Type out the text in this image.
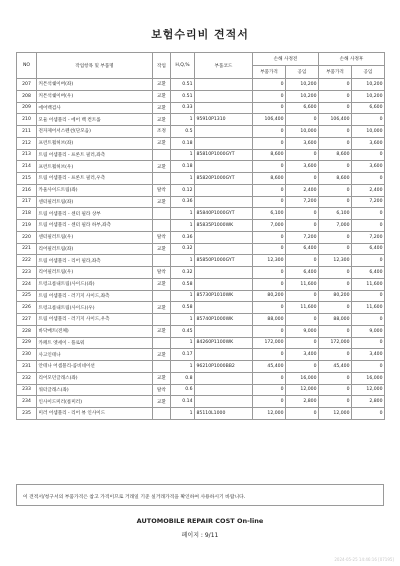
보험수리비 견적서
NO	작업항목 및 부품명	작업	H,Q,%	부품코드	손해 사정전		손해 사정후	
					부품가격	공임	부품가격	공임
207	커튼석쉐이버(좌)	교환	0.51		0	10,200	0	10,200
208	커튼석쉐이버(우)	교환	0.51		0	10,200	0	10,200
209	에어백검사	교환	0.33		0	6,600	0	6,600
210	모듈 어셈블리 - 에어 백 컨트롤	교환	1	95910P1310	106,400	0	106,400	0
211	전자제어서스펜션(단모음)	조정	0.5		0	10,000	0	10,000
212	프런트휠허브(좌)	교환	0.18		0	3,600	0	3,600
213	트림 어셈블리 - 프론트 필러,좌측		1	85810P1000GYT	8,600	0	8,600	0
214	프런트휠허브(우)	교환	0.18		0	3,600	0	3,600
215	트림 어셈블리 - 프론트 필러,우측		1	85820P1000GYT	8,600	0	8,600	0
216	카울사이드트림(좌)	탈착	0.12		0	2,400	0	2,400
217	센터필러트림(좌)	교환	0.36		0	7,200	0	7,200
218	트림 어셈블리 - 센터 필라 상부		1	85840P1000GYT	6,100	0	6,100	0
219	트림 어셈블리 - 센터 필라 하부,좌측		1	85835P1000WK	7,000	0	7,000	0
220	센터필러트림(우)	탈착	0.36		0	7,200	0	7,200
221	리어필러트림(좌)	교환	0.32		0	6,400	0	6,400
222	트림 어셈블리 - 리어 필라,좌측		1	85850P1000GYT	12,300	0	12,300	0
223	리어필러트림(우)	탈착	0.32		0	6,400	0	6,400
224	트렁크룸내트림(사이드)(좌)	교환	0.58		0	11,600	0	11,600
225	트림 어셈블리 - 러기지 사이드,좌측		1	85730P1010WK	80,200	0	80,200	0
226	트렁크룸내트림(사이드)(우)	교환	0.58		0	11,600	0	11,600
227	트림 어셈블리 - 러기지 사이드,우측		1	85740P1000WK	88,000	0	88,000	0
228	바닥매트(전체)	교환	0.45		0	9,000	0	9,000
229	카페트 엣세이 - 플로워		1	84260P1100WK	172,000	0	172,000	0
230	사고인테나	교환	0.17		0	3,400	0	3,400
231	안테나 어셈블리-콤비네이션		1	96210P1000BB2	45,400	0	45,400	0
232	리어모던글래스(좌)	교환	0.8		0	16,000	0	16,000
233	쿼터글래스(좌)	탈착	0.6		0	12,000	0	12,000
234	인사이드미러(룸미러)	교환	0.14		0	2,800	0	2,800
235	미러 어셈블리 - 리어 뷰 인사이드		1	85110L1000	12,000	0	12,000	0
이 견적서/청구서의 부품가격은 참고 가격이므로 거래일 기준 실거래가격을 확인하여 사용하시기 바랍니다.
AUTOMOBILE REPAIR COST On-line
페이지 : 9/11
2024-05-25 14:46:16 [07195]
